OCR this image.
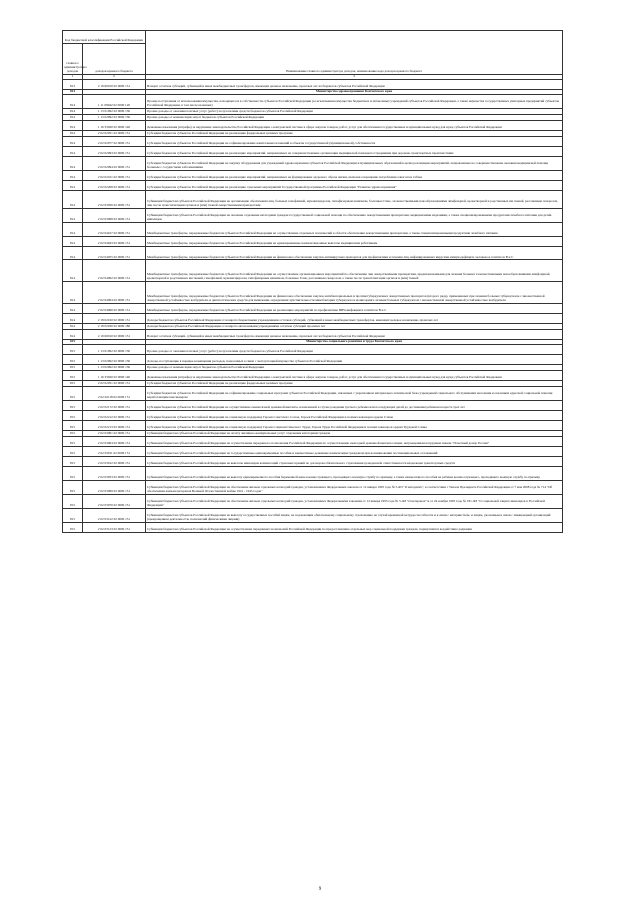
Код бюджетной классификации Российской Федерации		Наименование главного администратора доходов, наименование кода доходов краевого бюджета
главного администратора доходов	доходов краевого бюджета	
1	2	3
813	2 19 60010 02 0000 151	Возврат остатков субсидий, субвенций и иных межбюджетных трансфертов, имеющих целевое назначение, прошлых лет из бюджетов субъектов Российской Федерации
814		Министерство здравоохранения Камчатского края
814	1 11 09042 02 0000 120	Прочие поступления от использования имущества, находящегося в собственности субъектов Российской Федерации (за исключением имущества бюджетных и автономных учреждений субъектов Российской Федерации, а также имущества государственных унитарных предприятий субъектов Российской Федерации, в том числе казенных)
814	1 13 01992 02 0000 130	Прочие доходы от оказания платных услуг (работ) получателями средств бюджетов субъектов Российской Федерации
814	1 13 02992 02 0000 130	Прочие доходы от компенсации затрат бюджетов субъектов Российской Федерации
814	1 16 33020 02 0000 140	Денежные взыскания (штрафы) за нарушение законодательства Российской Федерации о контрактной системе в сфере закупок товаров, работ, услуг для обеспечения государственных и муниципальных нужд для нужд субъектов Российской Федерации
814	2 02 02051 02 0000 151	Субсидии бюджетам субъектов Российской Федерации на реализацию федеральных целевых программ
814	2 02 02077 02 0000 151	Субсидии бюджетам субъектов Российской Федерации на софинансирование капитальных вложений в объекты государственной (муниципальной) собственности
814	2 02 02093 02 0000 151	Субсидии бюджетам субъектов Российской Федерации на реализацию мероприятий, направленных на совершенствование организации медицинской помощи пострадавшим при дорожно-транспортных происшествиях
814	2 02 02094 02 0000 151	Субсидии бюджетам субъектов Российской Федерации на закупку оборудования для учреждений здравоохранения субъектов Российской Федерации и муниципальных образований в целях реализации мероприятий, направленных на совершенствование оказания медицинской помощи больным с сосудистыми заболеваниями
814	2 02 02101 02 0000 151	Субсидии бюджетам субъектов Российской Федерации на реализацию мероприятий, направленных на формирование здорового образа жизни, включая сокращение потребления алкоголя и табака
814	2 02 02208 02 0000 151	Субсидии бюджетам субъектов Российской Федерации на реализацию отдельных мероприятий Государственной программы Российской Федерации "Развитие здравоохранения"
814	2 02 03056 02 0000 151	Субвенции бюджетам субъектов Российской Федерации на организацию обеспечения лиц, больных гемофилией, муковисцидозом, гипофизарным нанизмом, болезнью Гоше, злокачественными новообразованиями лимфоидной, кроветворной и родственных им тканей, рассеянным склерозом, лиц после трансплантации органов и (или) тканей лекарственными препаратами
814	2 02 03068 02 0000 151	Субвенции бюджетам субъектов Российской Федерации на оказание отдельным категориям граждан государственной социальной помощи по обеспечению лекарственными препаратами, медицинскими изделиями, а также специализированными продуктами лечебного питания для детей-инвалидов
814	2 02 04017 02 0000 151	Межбюджетные трансферты, передаваемые бюджетам субъектов Российской Федерации на осуществление отдельных полномочий в области обеспечения лекарственными препаратами, а также специализированными продуктами лечебного питания
814	2 02 04043 02 0000 151	Межбюджетные трансферты, передаваемые бюджетам субъектов Российской Федерации на единовременные компенсационные выплаты медицинским работникам
814	2 02 04055 02 0000 151	Межбюджетные трансферты, передаваемые бюджетам субъектов Российской Федерации на финансовое обеспечение закупок антивирусных препаратов для профилактики и лечения лиц, инфицированных вирусами иммунодефицита человека и гепатитов В и С
814	2 02 04062 02 0000 151	Межбюджетные трансферты, передаваемые бюджетам субъектов Российской Федерации на осуществление организационных мероприятий по обеспечению лиц лекарственными препаратами, предназначенными для лечения больных злокачественными новообразованиями лимфоидной, кроветворной и родственных им тканей, гемофилией, муковисцидозом, гипофизарным нанизмом, болезнью Гоше, рассеянным склерозом, а также после трансплантации органов и (или) тканей
814	2 02 04064 02 0000 151	Межбюджетные трансферты, передаваемые бюджетам субъектов Российской Федерации на финансовое обеспечение закупок антибактериальных и противотуберкулезных лекарственных препаратов (второго ряда), применяемых при лечении больных туберкулезом с множественной лекарственной устойчивостью возбудителя, и диагностических средств для выявления, определения чувствительности микобактерии туберкулеза и мониторинга лечения больных туберкулезом с множественной лекарственной устойчивостью возбудителя
814	2 02 04066 02 0000 151	Межбюджетные трансферты, передаваемые бюджетам субъектов Российской Федерации на реализацию мероприятий по профилактике ВИЧ-инфекции и гепатитов В и С
814	2 18 02010 02 0000 151	Доходы бюджетов субъектов Российской Федерации от возврата бюджетными учреждениями остатков субсидий, субвенций и иных межбюджетных трансфертов, имеющих целевое назначение, прошлых лет
814	2 18 02030 02 0000 180	Доходы бюджетов субъектов Российской Федерации от возврата автономными учреждениями остатков субсидий прошлых лет
814	2 19 60010 02 0000 151	Возврат остатков субсидий, субвенций и иных межбюджетных трансфертов, имеющих целевое назначение, прошлых лет из бюджетов субъектов Российской Федерации
815		Министерство социального развития и труда Камчатского края
815	1 13 01992 02 0000 130	Прочие доходы от оказания платных услуг (работ) получателями средств бюджетов субъектов Российской Федерации
815	1 13 02062 02 0000 130	Доходы, поступающие в порядке возмещения расходов, понесенных в связи с эксплуатацией имущества субъектов Российской Федерации
815	1 13 02992 02 0000 130	Прочие доходы от компенсации затрат бюджетов субъектов Российской Федерации
815	1 16 33020 02 0000 140	Денежные взыскания (штрафы) за нарушение законодательства Российской Федерации о контрактной системе в сфере закупок товаров, работ, услуг для обеспечения государственных и муниципальных нужд для нужд субъектов Российской Федерации
815	2 02 02051 02 0000 151	Субсидии бюджетам субъектов Российской Федерации на реализацию федеральных целевых программ
815	2 02 02118 02 0000 151	Субсидии бюджетам субъектов Российской Федерации на софинансирование социальных программ субъектов Российской Федерации, связанных с укреплением материально-технической базы учреждений социального обслуживания населения и оказанием адресной социальной помощи неработающим пенсионерам
815	2 02 02172 02 0000 151	Субсидии бюджетам субъектов Российской Федерации на осуществление ежемесячной денежной выплаты, назначаемой в случае рождения третьего ребенка или последующих детей до достижения ребенком возраста трех лет
815	2 02 02212 02 0000 151	Субсидии бюджетам субъектов Российской Федерации на социальную поддержку Героев Советского Союза, Героев Российской Федерации и полных кавалеров ордена Славы
815	2 02 02213 02 0000 151	Субсидии бюджетам субъектов Российской Федерации на социальную поддержку Героев Социалистического Труда, Героев Труда Российской Федерации и полных кавалеров ордена Трудовой Славы
815	2 02 03001 02 0000 151	Субвенции бюджетам субъектов Российской Федерации на оплату жилищно-коммунальных услуг отдельным категориям граждан
815	2 02 03004 02 0000 151	Субвенции бюджетам субъектов Российской Федерации на осуществление переданного полномочия Российской Федерации по осуществлению ежегодной денежной выплаты лицам, награжденным нагрудным знаком "Почетный донор России"
815	2 02 03011 02 0000 151	Субвенции бюджетам субъектов Российской Федерации на государственные единовременные пособия и ежемесячные денежные компенсации гражданам при возникновении поствакцинальных осложнений
815	2 02 03012 02 0000 151	Субвенции бюджетам субъектов Российской Федерации на выплаты инвалидам компенсаций страховых премий по договорам обязательного страхования гражданской ответственности владельцев транспортных средств
815	2 02 03053 02 0000 151	Субвенции бюджетам субъектов Российской Федерации на выплату единовременного пособия беременной жене военнослужащего, проходящего военную службу по призыву, а также ежемесячного пособия на ребенка военнослужащего, проходящего военную службу по призыву
815	2 02 03069 02 0000 151	Субвенции бюджетам субъектов Российской Федерации на обеспечение жильем отдельных категорий граждан, установленных Федеральным законом от 12 января 1995 года № 5-ФЗ "О ветеранах", в соответствии с Указом Президента Российской Федерации от 7 мая 2008 года № 714 "Об обеспечении жильем ветеранов Великой Отечественной войны 1941 - 1945 годов"
815	2 02 03070 02 0000 151	Субвенции бюджетам субъектов Российской Федерации на обеспечение жильем отдельных категорий граждан, установленных Федеральными законами от 12 января 1995 года № 5-ФЗ "О ветеранах" и от 24 ноября 1995 года № 181-ФЗ "О социальной защите инвалидов в Российской Федерации"
815	2 02 03122 02 0000 151	Субвенции бюджетам субъектов Российской Федерации на выплату государственных пособий лицам, не подлежащим обязательному социальному страхованию на случай временной нетрудоспособности и в связи с материнством, и лицам, уволенным в связи с ликвидацией организаций (прекращением деятельности, полномочий физическими лицами)
815	2 02 03123 02 0000 151	Субвенции бюджетам субъектов Российской Федерации на осуществление переданных полномочий Российской Федерации по предоставлению отдельных мер социальной поддержки граждан, подвергшихся воздействию радиации
9
